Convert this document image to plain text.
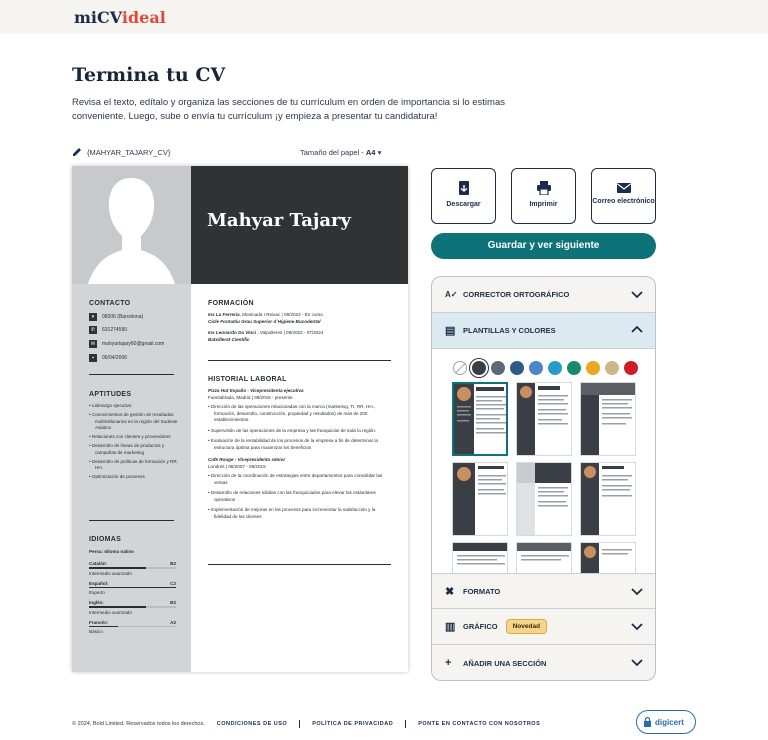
miCVideal
Termina tu CV
Revisa el texto, edítalo y organiza las secciones de tu currículum en orden de importancia si lo estimas conveniente. Luego, sube o envía tu currículum ¡y empieza a presentar tu candidatura!
{MAHYAR_TAJARY_CV}	Tamaño del papel - A4 ▾
Mahyar Tajary
CONTACTO
▾	08206 (Barcelona)
✆	631274590
✉	mahyartajary60@gmail.com
▪	06/04/2006
APTITUDES
• Liderazgo ejecutivo
• Conocimientos de gestión de resultados multimillonarios en la región del Sudeste Asiático
• Relaciones con clientes y proveedores
• Desarrollo de líneas de productos y campañas de marketing
• Desarrollo de políticas de formación y RR. HH.
• Optimización de procesos
IDIOMAS
Persa: Idioma nativo
Catalán:	B2
Intermedio avanzado
Español:	C2
Experto
Inglés:	B2
Intermedio avanzado
Francés:	A2
Básico
FORMACIÓN
Ins La Ferreria, Montcada I Reixac | 09/2024 - En curso
Cicle Formatiu Grau Superior d´Higiene Bucodental
Ins Leonardo Da Vinci , Valpolleres | 09/2022 - 07/2024
Batxillerat Cientific
HISTORIAL LABORAL
Pizza Hut España - Vicepresidenta ejecutiva
Fuenlabrada, Madrid | 09/2015 - presente
• Dirección de las operaciones relacionadas con la marca (marketing, TI, RR. HH., formación, desarrollo, construcción, propiedad y resultados) de más de 200 establecimientos.
• Supervisión de las operaciones de la empresa y las franquicias de toda la región.
• Evaluación de la rentabilidad de los procesos de la empresa a fin de determinar la estructura óptima para maximizar los beneficios
Café Rouge - Vicepresidenta sénior
Londres | 08/2007 - 09/2015
• Dirección de la coordinación de estrategias entre departamentos para consolidar las ventas
• Desarrollo de relaciones sólidas con las franquiciados para elevar los estándares operativos
• Implementación de mejoras en los procesos para incrementar la satisfacción y la fidelidad de los clientes
Descargar	Imprimir	Correo electrónico
Guardar y ver siguiente
A✓ CORRECTOR ORTOGRÁFICO
▤	PLANTILLAS Y COLORES
✖	FORMATO
▥	GRÁFICO	Novedad
+	AÑADIR UNA SECCIÓN
© 2024, Bold Limited. Reservados todos los derechos. CONDICIONES DE USO	POLÍTICA DE PRIVACIDAD	PONTE EN CONTACTO CON NOSOTROS	digicert
